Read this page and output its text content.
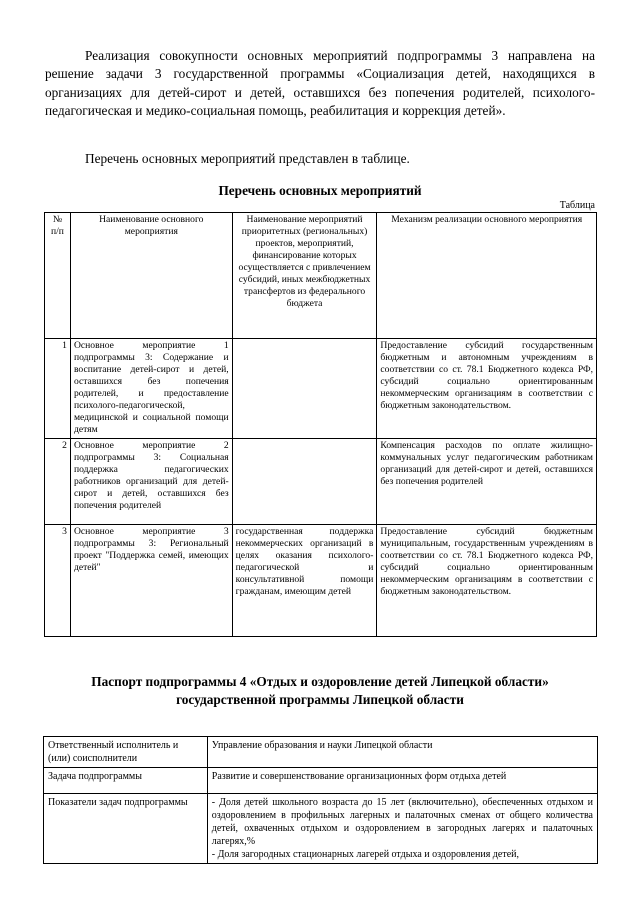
Реализация совокупности основных мероприятий подпрограммы 3 направлена на решение задачи 3 государственной программы «Социализация детей, находящихся в организациях для детей-сирот и детей, оставшихся без попечения родителей, психолого-педагогическая и медико-социальная помощь, реабилитация и коррекция детей».

Перечень основных мероприятий представлен в таблице.

Перечень основных мероприятий

Таблица
№ п/п	Наименование основного мероприятия	Наименование мероприятий приоритетных (региональных) проектов, мероприятий, финансирование которых осуществляется с привлечением субсидий, иных межбюджетных трансфертов из федерального бюджета	Механизм реализации основного мероприятия
1	Основное мероприятие 1 подпрограммы 3: Содержание и воспитание детей-сирот и детей, оставшихся без попечения родителей, и предоставление психолого-педагогической, медицинской и социальной помощи детям		Предоставление субсидий государственным бюджетным и автономным учреждениям в соответствии со ст. 78.1 Бюджетного кодекса РФ, субсидий социально ориентированным некоммерческим организациям в соответствии с бюджетным законодательством.
2	Основное мероприятие 2 подпрограммы 3: Социальная поддержка педагогических работников организаций для детей-сирот и детей, оставшихся без попечения родителей		Компенсация расходов по оплате жилищно-коммунальных услуг педагогическим работникам организаций для детей-сирот и детей, оставшихся без попечения родителей
3	Основное мероприятие 3 подпрограммы 3: Региональный проект "Поддержка семей, имеющих детей"	государственная поддержка некоммерческих организаций в целях оказания психолого-педагогической и консультативной помощи гражданам, имеющим детей	Предоставление субсидий бюджетным муниципальным, государственным учреждениям в соответствии со ст. 78.1 Бюджетного кодекса РФ, субсидий социально ориентированным некоммерческим организациям в соответствии с бюджетным законодательством.

Паспорт подпрограммы 4 «Отдых и оздоровление детей Липецкой области»

государственной программы Липецкой области

Ответственный исполнитель и (или) соисполнители	Управление образования и науки Липецкой области
Задача подпрограммы	Развитие и совершенствование организационных форм отдыха детей
Показатели задач подпрограммы	- Доля детей школьного возраста до 15 лет (включительно), обеспеченных отдыхом и оздоровлением в профильных лагерных и палаточных сменах от общего количества детей, охваченных отдыхом и оздоровлением в загородных лагерях и палаточных лагерях,%
- Доля загородных стационарных лагерей отдыха и оздоровления детей,
